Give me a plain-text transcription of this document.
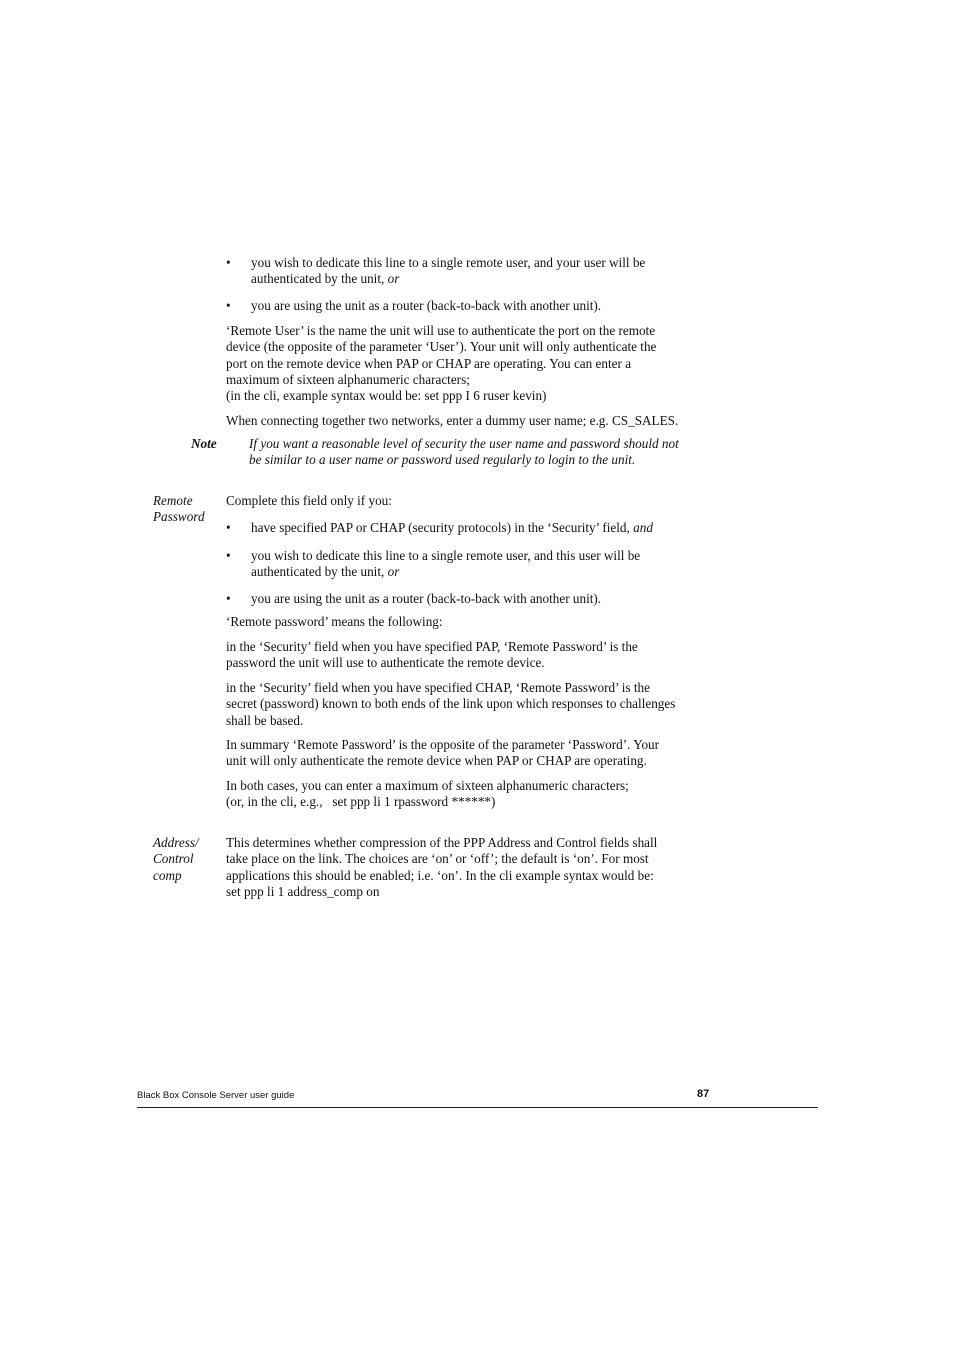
• you wish to dedicate this line to a single remote user, and your user will be authenticated by the unit, or
• you are using the unit as a router (back-to-back with another unit).
‘Remote User’ is the name the unit will use to authenticate the port on the remote
device (the opposite of the parameter ‘User’). Your unit will only authenticate the
port on the remote device when PAP or CHAP are operating. You can enter a
maximum of sixteen alphanumeric characters;
(in the cli, example syntax would be: set ppp I 6 ruser kevin)
When connecting together two networks, enter a dummy user name; e.g. CS_SALES.
Note If you want a reasonable level of security the user name and password should not
be similar to a user name or password used regularly to login to the unit.
Remote
Password
Complete this field only if you:
• have specified PAP or CHAP (security protocols) in the ‘Security’ field, and
• you wish to dedicate this line to a single remote user, and this user will be authenticated by the unit, or
• you are using the unit as a router (back-to-back with another unit).
‘Remote password’ means the following:
in the ‘Security’ field when you have specified PAP, ‘Remote Password’ is the
password the unit will use to authenticate the remote device.
in the ‘Security’ field when you have specified CHAP, ‘Remote Password’ is the
secret (password) known to both ends of the link upon which responses to challenges
shall be based.
In summary ‘Remote Password’ is the opposite of the parameter ‘Password’. Your
unit will only authenticate the remote device when PAP or CHAP are operating.
In both cases, you can enter a maximum of sixteen alphanumeric characters;
(or, in the cli, e.g.,   set ppp li 1 rpassword ******)
Address/
Control
comp
This determines whether compression of the PPP Address and Control fields shall
take place on the link. The choices are ‘on’ or ‘off’; the default is ‘on’. For most
applications this should be enabled; i.e. ‘on’. In the cli example syntax would be:
set ppp li 1 address_comp on
Black Box Console Server user guide	87
